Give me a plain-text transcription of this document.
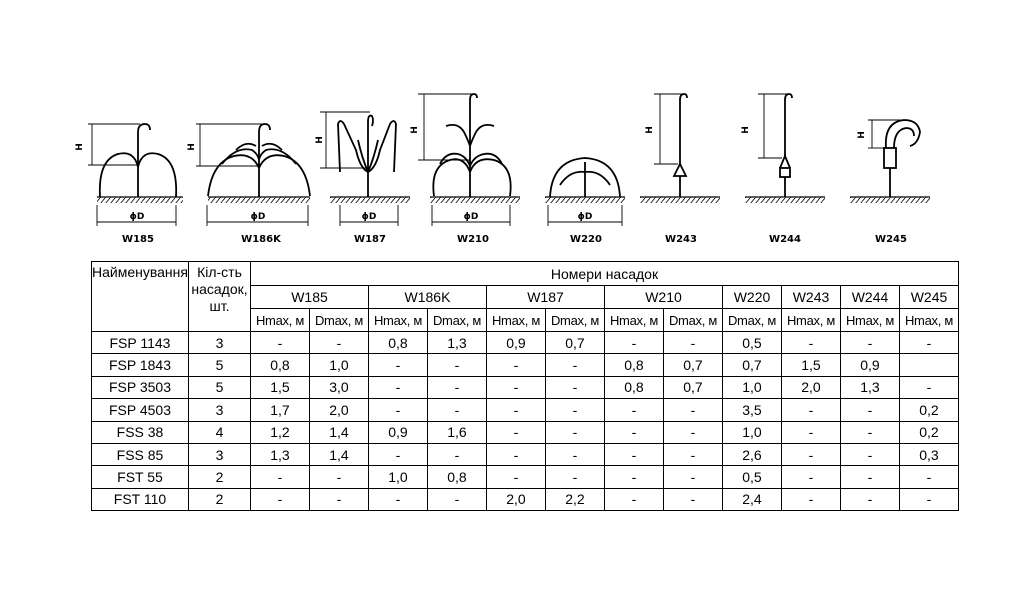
H	H
H
H	H	H
H
ϕD	ϕD	ϕD	ϕD	ϕD
W185	W186K	W187	W210	W220	W243	W244	W245
Найменування	Кіл-сть насадок, шт.	Номери насадок											
		W185		W186K		W187		W210		W220	W243	W244	W245
		Hmax, м	Dmax, м	Hmax, м	Dmax, м	Hmax, м	Dmax, м	Hmax, м	Dmax, м	Dmax, м	Hmax, м	Hmax, м	Hmax, м
FSP 1143	3	-	-	0,8	1,3	0,9	0,7	-	-	0,5	-	-	-
FSP 1843	5	0,8	1,0	-	-	-	-	0,8	0,7	0,7	1,5	0,9	
FSP 3503	5	1,5	3,0	-	-	-	-	0,8	0,7	1,0	2,0	1,3	-
FSP 4503	3	1,7	2,0	-	-	-	-	-	-	3,5	-	-	0,2
FSS 38	4	1,2	1,4	0,9	1,6	-	-	-	-	1,0	-	-	0,2
FSS 85	3	1,3	1,4	-	-	-	-	-	-	2,6	-	-	0,3
FST 55	2	-	-	1,0	0,8	-	-	-	-	0,5	-	-	-
FST 110	2	-	-	-	-	2,0	2,2	-	-	2,4	-	-	-
